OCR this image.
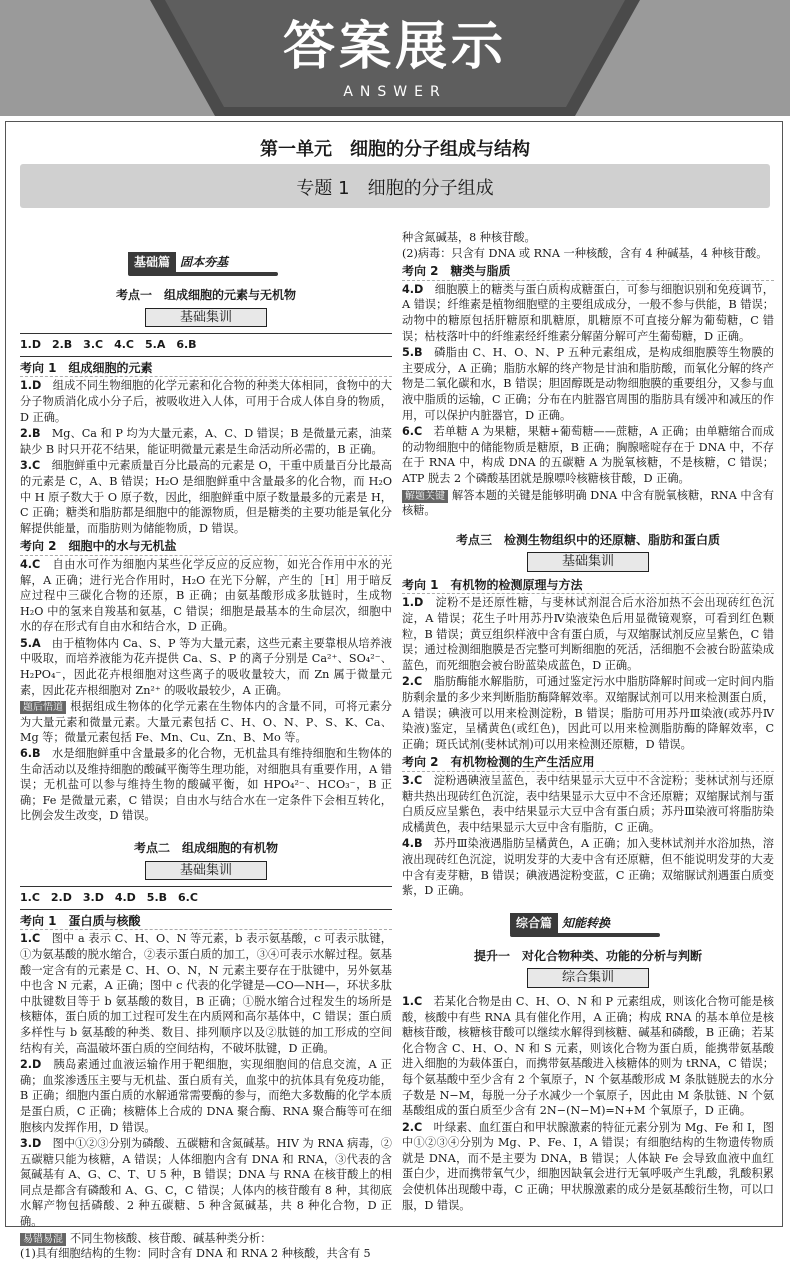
答案展示
ANSWER
第一单元　细胞的分子组成与结构
专题 1　细胞的分子组成
基础篇 固本夯基
考点一　组成细胞的元素与无机物
基础集训
1.D　2.B　3.C　4.C　5.A　6.B
考向 1　组成细胞的元素
1.D　 组成不同生物细胞的化学元素和化合物的种类大体相同，食物中的大分子物质消化成小分子后，被吸收进入人体，可用于合成人体自身的物质，D 正确。
2.B　 Mg、Ca 和 P 均为大量元素，A、C、D 错误；B 是微量元素，油菜缺少 B 时只开花不结果，能证明微量元素是生命活动所必需的，B 正确。
3.C　 细胞鲜重中元素质量百分比最高的元素是 O，干重中质量百分比最高的元素是 C，A、B 错误；H₂O 是细胞鲜重中含量最多的化合物，而 H₂O 中 H 原子数大于 O 原子数，因此，细胞鲜重中原子数量最多的元素是 H，C 正确；糖类和脂肪都是细胞中的能源物质，但是糖类的主要功能是氧化分解提供能量，而脂肪则为储能物质，D 错误。
考向 2　细胞中的水与无机盐
4.C　 自由水可作为细胞内某些化学反应的反应物，如光合作用中水的光解，A 正确；进行光合作用时，H₂O 在光下分解，产生的［H］用于暗反应过程中三碳化合物的还原，B 正确；由氨基酸形成多肽链时，生成物 H₂O 中的氢来自羧基和氨基，C 错误；细胞是最基本的生命层次，细胞中水的存在形式有自由水和结合水，D 正确。
5.A　 由于植物体内 Ca、S、P 等为大量元素，这些元素主要靠根从培养液中吸取，而培养液能为花卉提供 Ca、S、P 的离子分别是 Ca²⁺、SO₄²⁻、H₂PO₄⁻，因此花卉根细胞对这些离子的吸收量较大，而 Zn 属于微量元素，因此花卉根细胞对 Zn²⁺ 的吸收最较少，A 正确。
题后悟道 根据组成生物体的化学元素在生物体内的含量不同，可将元素分为大量元素和微量元素。大量元素包括 C、H、O、N、P、S、K、Ca、Mg 等；微量元素包括 Fe、Mn、Cu、Zn、B、Mo 等。
6.B　 水是细胞鲜重中含量最多的化合物，无机盐具有维持细胞和生物体的生命活动以及维持细胞的酸碱平衡等生理功能，对细胞具有重要作用，A 错误；无机盐可以参与维持生物的酸碱平衡，如 HPO₄²⁻、HCO₃⁻，B 正确；Fe 是微量元素，C 错误；自由水与结合水在一定条件下会相互转化，比例会发生改变，D 错误。
考点二　组成细胞的有机物
基础集训
1.C　2.D　3.D　4.D　5.B　6.C
考向 1　蛋白质与核酸
1.C　 图中 a 表示 C、H、O、N 等元素，b 表示氨基酸，c 可表示肽键，①为氨基酸的脱水缩合，②表示蛋白质的加工，③④可表示水解过程。氨基酸一定含有的元素是 C、H、O、N，N 元素主要存在于肽键中，另外氨基中也含 N 元素，A 正确；图中 c 代表的化学键是—CO—NH—，环状多肽中肽键数目等于 b 氨基酸的数目，B 正确；①脱水缩合过程发生的场所是核糖体，蛋白质的加工过程可发生在内质网和高尔基体中，C 错误；蛋白质多样性与 b 氨基酸的种类、数目、排列顺序以及②肽链的加工形成的空间结构有关，高温破坏蛋白质的空间结构，不破坏肽键，D 正确。
2.D　 胰岛素通过血液运输作用于靶细胞，实现细胞间的信息交流，A 正确；血浆渗透压主要与无机盐、蛋白质有关，血浆中的抗体具有免疫功能，B 正确；细胞内蛋白质的水解通常需要酶的参与，而绝大多数酶的化学本质是蛋白质，C 正确；核糖体上合成的 DNA 聚合酶、RNA 聚合酶等可在细胞核内发挥作用，D 错误。
3.D　 图中①②③分别为磷酸、五碳糖和含氮碱基。HIV 为 RNA 病毒，②五碳糖只能为核糖，A 错误；人体细胞内含有 DNA 和 RNA，③代表的含氮碱基有 A、G、C、T、U 5 种，B 错误；DNA 与 RNA 在核苷酸上的相同点是都含有磷酸和 A、G、C，C 错误；人体内的核苷酸有 8 种，其彻底水解产物包括磷酸、2 种五碳糖、5 种含氮碱基，共 8 种化合物，D 正确。
易错易混 不同生物核酸、核苷酸、碱基种类分析：
(1)具有细胞结构的生物：同时含有 DNA 和 RNA 2 种核酸，共含有 5
种含氮碱基，8 种核苷酸。
(2)病毒：只含有 DNA 或 RNA 一种核酸，含有 4 种碱基，4 种核苷酸。
考向 2　糖类与脂质
4.D　 细胞膜上的糖类与蛋白质构成糖蛋白，可参与细胞识别和免疫调节，A 错误；纤维素是植物细胞壁的主要组成成分，一般不参与供能，B 错误；动物中的糖原包括肝糖原和肌糖原，肌糖原不可直接分解为葡萄糖，C 错误；枯枝落叶中的纤维素经纤维素分解菌分解可产生葡萄糖，D 正确。
5.B　 磷脂由 C、H、O、N、P 五种元素组成，是构成细胞膜等生物膜的主要成分，A 正确；脂肪水解的终产物是甘油和脂肪酸，而氧化分解的终产物是二氧化碳和水，B 错误；胆固醇既是动物细胞膜的重要组分，又参与血液中脂质的运输，C 正确；分布在内脏器官周围的脂肪具有缓冲和减压的作用，可以保护内脏器官，D 正确。
6.C　 若单糖 A 为果糖，果糖+葡萄糖——蔗糖，A 正确；由单糖缩合而成的动物细胞中的储能物质是糖原，B 正确；胸腺嘧啶存在于 DNA 中，不存在于 RNA 中，构成 DNA 的五碳糖 A 为脱氧核糖，不是核糖，C 错误；ATP 脱去 2 个磷酸基团就是腺嘌呤核糖核苷酸，D 正确。
解题关键 解答本题的关键是能够明确 DNA 中含有脱氧核糖，RNA 中含有核糖。
考点三　检测生物组织中的还原糖、脂肪和蛋白质
基础集训
考向 1　有机物的检测原理与方法
1.D　 淀粉不是还原性糖，与斐林试剂混合后水浴加热不会出现砖红色沉淀，A 错误；花生子叶用苏丹Ⅳ染液染色后用显微镜观察，可看到红色颗粒，B 错误；黄豆组织样液中含有蛋白质，与双缩脲试剂反应呈紫色，C 错误；通过检测细胞膜是否完整可判断细胞的死活，活细胞不会被台盼蓝染成蓝色，而死细胞会被台盼蓝染成蓝色，D 正确。
2.C　 脂肪酶能水解脂肪，可通过鉴定污水中脂肪降解时间或一定时间内脂肪剩余量的多少来判断脂肪酶降解效率。双缩脲试剂可以用来检测蛋白质，A 错误；碘液可以用来检测淀粉，B 错误；脂肪可用苏丹Ⅲ染液(或苏丹Ⅳ染液)鉴定，呈橘黄色(或红色)，因此可以用来检测脂肪酶的降解效率，C 正确；斑氏试剂(斐林试剂)可以用来检测还原糖，D 错误。
考向 2　有机物检测的生产生活应用
3.C　 淀粉遇碘液呈蓝色，表中结果显示大豆中不含淀粉；斐林试剂与还原糖共热出现砖红色沉淀，表中结果显示大豆中不含还原糖；双缩脲试剂与蛋白质反应呈紫色，表中结果显示大豆中含有蛋白质；苏丹Ⅲ染液可将脂肪染成橘黄色，表中结果显示大豆中含有脂肪，C 正确。
4.B　 苏丹Ⅲ染液遇脂肪呈橘黄色，A 正确；加入斐林试剂并水浴加热，溶液出现砖红色沉淀，说明发芽的大麦中含有还原糖，但不能说明发芽的大麦中含有麦芽糖，B 错误；碘液遇淀粉变蓝，C 正确；双缩脲试剂遇蛋白质变紫，D 正确。
综合篇 知能转换
提升一　对化合物种类、功能的分析与判断
综合集训
1.C　 若某化合物是由 C、H、O、N 和 P 元素组成，则该化合物可能是核酸，核酸中有些 RNA 具有催化作用，A 正确；构成 RNA 的基本单位是核糖核苷酸，核糖核苷酸可以继续水解得到核糖、碱基和磷酸，B 正确；若某化合物含 C、H、O、N 和 S 元素，则该化合物为蛋白质，能携带氨基酸进入细胞的为载体蛋白，而携带氨基酸进入核糖体的则为 tRNA，C 错误；每个氨基酸中至少含有 2 个氧原子，N 个氨基酸形成 M 条肽链脱去的水分子数是 N−M，每脱一分子水减少一个氧原子，因此由 M 条肽链、N 个氨基酸组成的蛋白质至少含有 2N−(N−M)=N+M 个氧原子，D 正确。
2.C　 叶绿素、血红蛋白和甲状腺激素的特征元素分别为 Mg、Fe 和 I，图中①②③④分别为 Mg、P、Fe、I，A 错误；有细胞结构的生物遗传物质就是 DNA，而不是主要为 DNA，B 错误；人体缺 Fe 会导致血液中血红蛋白少，进而携带氧气少，细胞因缺氧会进行无氧呼吸产生乳酸，乳酸积累会使机体出现酸中毒，C 正确；甲状腺激素的成分是氨基酸衍生物，可以口服，D 错误。
